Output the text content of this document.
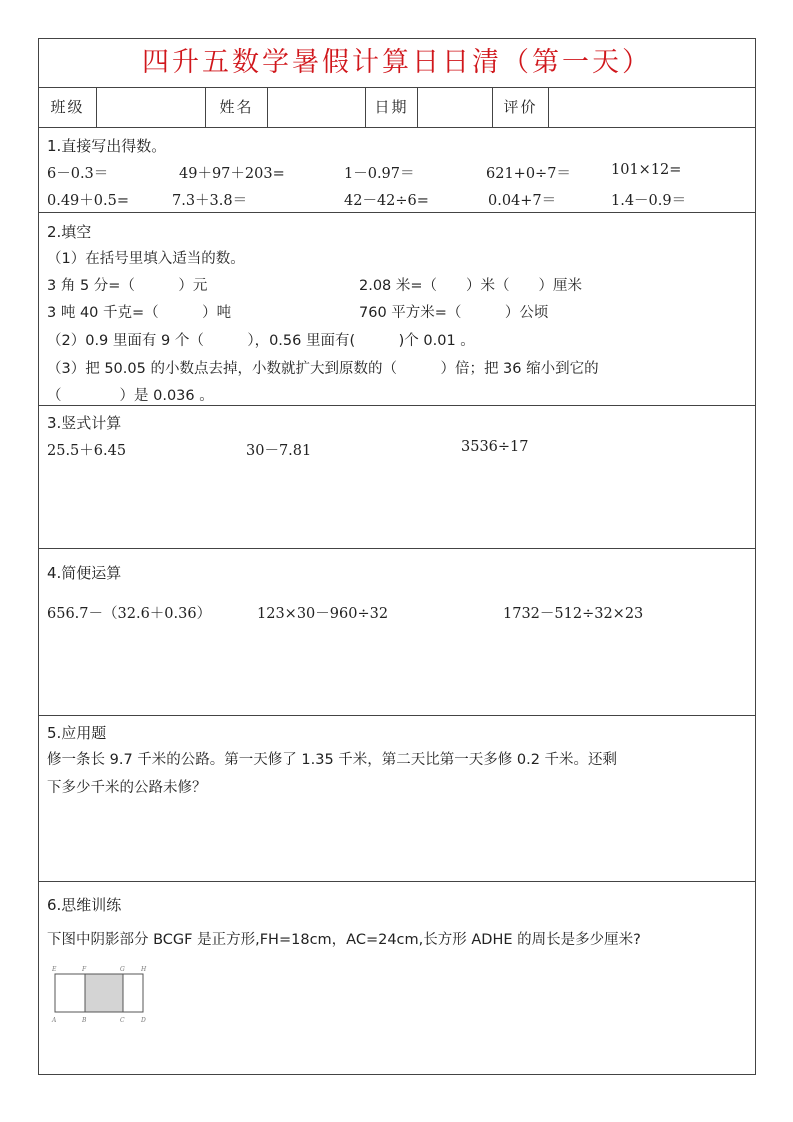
四升五数学暑假计算日日清（第一天）
班级	姓名	日期	评价
1.直接写出得数。
6－0.3＝	49＋97＋203=	1－0.97＝	621+0÷7＝	101×12=
0.49＋0.5=	7.3＋3.8＝	42－42÷6=	0.04+7＝	1.4－0.9＝
2.填空
（1）在括号里填入适当的数。
3 角 5 分=（　　　）元	2.08 米=（　　）米（　　）厘米
3 吨 40 千克=（　　　）吨	760 平方米=（　　　）公顷
（2）0.9 里面有 9 个（　　　），0.56 里面有(　　　)个 0.01 。
（3）把 50.05 的小数点去掉，小数就扩大到原数的（　　　）倍；把 36 缩小到它的
（　　　　）是 0.036 。
3.竖式计算
25.5＋6.45	30－7.81	3536÷17
4.简便运算
656.7－（32.6＋0.36）	123×30－960÷32	1732－512÷32×23
5.应用题
修一条长 9.7 千米的公路。第一天修了 1.35 千米，第二天比第一天多修 0.2 千米。还剩
下多少千米的公路未修？
6.思维训练
下图中阴影部分 BCGF 是正方形,FH=18cm，AC=24cm,长方形 ADHE 的周长是多少厘米?
E	F	G	H
A	B	C	D
